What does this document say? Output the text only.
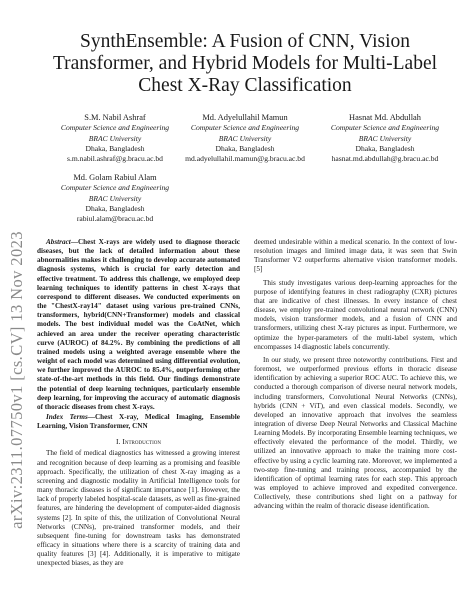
arXiv:2311.07750v1 [cs.CV] 13 Nov 2023
SynthEnsemble: A Fusion of CNN, Vision
Transformer, and Hybrid Models for Multi-Label
Chest X-Ray Classification
S.M. Nabil Ashraf
Computer Science and Engineering
BRAC University
Dhaka, Bangladesh
s.m.nabil.ashraf@g.bracu.ac.bd
Md. Adyelullahil Mamun
Computer Science and Engineering
BRAC University
Dhaka, Bangladesh
md.adyelullahil.mamun@g.bracu.ac.bd
Hasnat Md. Abdullah
Computer Science and Engineering
BRAC University
Dhaka, Bangladesh
hasnat.md.abdullah@g.bracu.ac.bd
Md. Golam Rabiul Alam
Computer Science and Engineering
BRAC University
Dhaka, Bangladesh
rabiul.alam@bracu.ac.bd

Abstract—Chest X-rays are widely used to diagnose thoracic diseases, but the lack of detailed information about these abnormalities makes it challenging to develop accurate automated diagnosis systems, which is crucial for early detection and effective treatment. To address this challenge, we employed deep learning techniques to identify patterns in chest X-rays that correspond to different diseases. We conducted experiments on the "ChestX-ray14" dataset using various pre-trained CNNs, transformers, hybrid(CNN+Transformer) models and classical models. The best individual model was the CoAtNet, which achieved an area under the receiver operating characteristic curve (AUROC) of 84.2%. By combining the predictions of all trained models using a weighted average ensemble where the weight of each model was determined using differential evolution, we further improved the AUROC to 85.4%, outperforming other state-of-the-art methods in this field. Our findings demonstrate the potential of deep learning techniques, particularly ensemble deep learning, for improving the accuracy of automatic diagnosis of thoracic diseases from chest X-rays.

Index Terms—Chest X-ray, Medical Imaging, Ensemble Learning, Vision Transformer, CNN

I. Introduction

The field of medical diagnostics has witnessed a growing interest and recognition because of deep learning as a promising and feasible approach. Specifically, the utilization of chest X-ray imaging as a screening and diagnostic modality in Artificial Intelligence tools for many thoracic diseases is of significant importance [1]. However, the lack of properly labeled hospital-scale datasets, as well as fine-grained features, are hindering the development of computer-aided diagnosis systems [2]. In spite of this, the utilization of Convolutional Neural Networks (CNNs), pre-trained transformer models, and their subsequent fine-tuning for downstream tasks has demonstrated efficacy in situations where there is a scarcity of training data and quality features [3] [4]. Additionally, it is imperative to mitigate unexpected biases, as they are

deemed undesirable within a medical scenario. In the context of low-resolution images and limited image data, it was seen that Swin Transformer V2 outperforms alternative vision transformer models. [5]

This study investigates various deep-learning approaches for the purpose of identifying features in chest radiography (CXR) pictures that are indicative of chest illnesses. In every instance of chest disease, we employ pre-trained convolutional neural network (CNN) models, vision transformer models, and a fusion of CNN and transformers, utilizing chest X-ray pictures as input. Furthermore, we optimize the hyper-parameters of the multi-label system, which encompasses 14 diagnostic labels concurrently.

In our study, we present three noteworthy contributions. First and foremost, we outperformed previous efforts in thoracic disease identification by achieving a superior ROC AUC. To achieve this, we conducted a thorough comparison of diverse neural network models, including transformers, Convolutional Neural Networks (CNNs), hybrids (CNN + ViT), and even classical models. Secondly, we developed an innovative approach that involves the seamless integration of diverse Deep Neural Networks and Classical Machine Learning Models. By incorporating Ensemble learning techniques, we effectively elevated the performance of the model. Thirdly, we utilized an innovative approach to make the training more cost-effective by using a cyclic learning rate. Moreover, we implemented a two-step fine-tuning and training process, accompanied by the identification of optimal learning rates for each step. This approach was employed to achieve improved and expedited convergence. Collectively, these contributions shed light on a pathway for advancing within the realm of thoracic disease identification.
